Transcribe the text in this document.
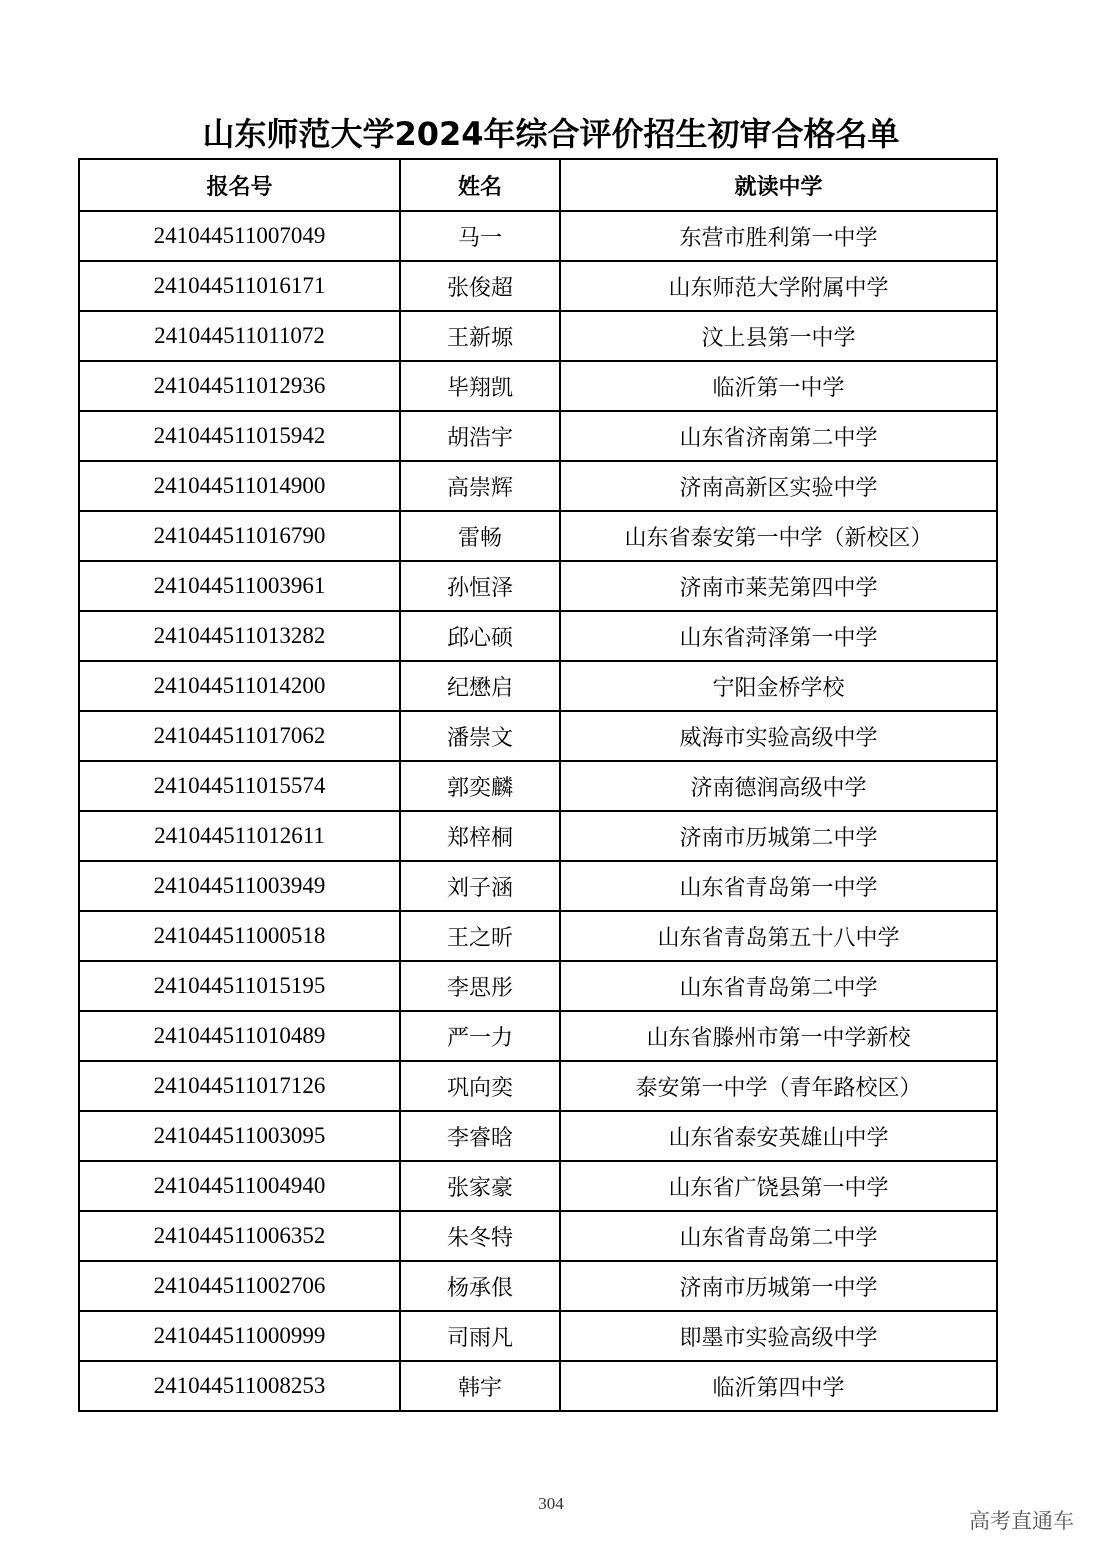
山东师范大学2024年综合评价招生初审合格名单
报名号	姓名	就读中学
241044511007049	马一	东营市胜利第一中学
241044511016171	张俊超	山东师范大学附属中学
241044511011072	王新塬	汶上县第一中学
241044511012936	毕翔凯	临沂第一中学
241044511015942	胡浩宇	山东省济南第二中学
241044511014900	高崇辉	济南高新区实验中学
241044511016790	雷畅	山东省泰安第一中学（新校区）
241044511003961	孙恒泽	济南市莱芜第四中学
241044511013282	邱心硕	山东省菏泽第一中学
241044511014200	纪懋启	宁阳金桥学校
241044511017062	潘崇文	威海市实验高级中学
241044511015574	郭奕麟	济南德润高级中学
241044511012611	郑梓桐	济南市历城第二中学
241044511003949	刘子涵	山东省青岛第一中学
241044511000518	王之昕	山东省青岛第五十八中学
241044511015195	李思彤	山东省青岛第二中学
241044511010489	严一力	山东省滕州市第一中学新校
241044511017126	巩向奕	泰安第一中学（青年路校区）
241044511003095	李睿晗	山东省泰安英雄山中学
241044511004940	张家豪	山东省广饶县第一中学
241044511006352	朱冬特	山东省青岛第二中学
241044511002706	杨承佷	济南市历城第一中学
241044511000999	司雨凡	即墨市实验高级中学
241044511008253	韩宇	临沂第四中学
304
高考直通车
